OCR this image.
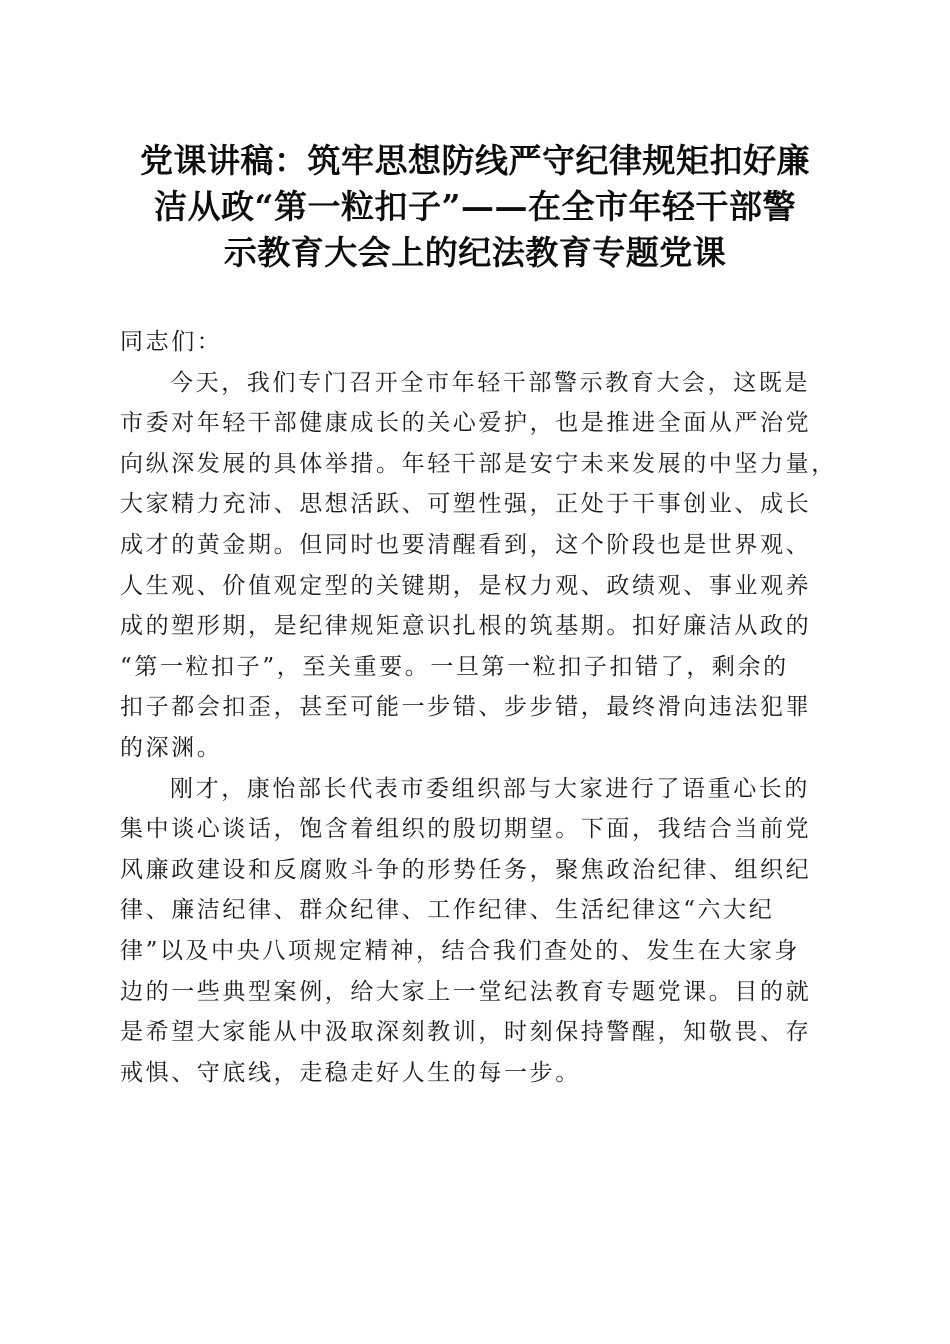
党课讲稿：筑牢思想防线严守纪律规矩扣好廉
洁从政“第一粒扣子”——在全市年轻干部警
示教育大会上的纪法教育专题党课

同志们：

今天，我们专门召开全市年轻干部警示教育大会，这既是
市委对年轻干部健康成长的关心爱护，也是推进全面从严治党
向纵深发展的具体举措。年轻干部是安宁未来发展的中坚力量，
大家精力充沛、思想活跃、可塑性强，正处于干事创业、成长
成才的黄金期。但同时也要清醒看到，这个阶段也是世界观、
人生观、价值观定型的关键期，是权力观、政绩观、事业观养
成的塑形期，是纪律规矩意识扎根的筑基期。扣好廉洁从政的
“第一粒扣子”，至关重要。一旦第一粒扣子扣错了，剩余的
扣子都会扣歪，甚至可能一步错、步步错，最终滑向违法犯罪
的深渊。

刚才，康怡部长代表市委组织部与大家进行了语重心长的
集中谈心谈话，饱含着组织的殷切期望。下面，我结合当前党
风廉政建设和反腐败斗争的形势任务，聚焦政治纪律、组织纪
律、廉洁纪律、群众纪律、工作纪律、生活纪律这“六大纪
律”以及中央八项规定精神，结合我们查处的、发生在大家身
边的一些典型案例，给大家上一堂纪法教育专题党课。目的就
是希望大家能从中汲取深刻教训，时刻保持警醒，知敬畏、存
戒惧、守底线，走稳走好人生的每一步。
